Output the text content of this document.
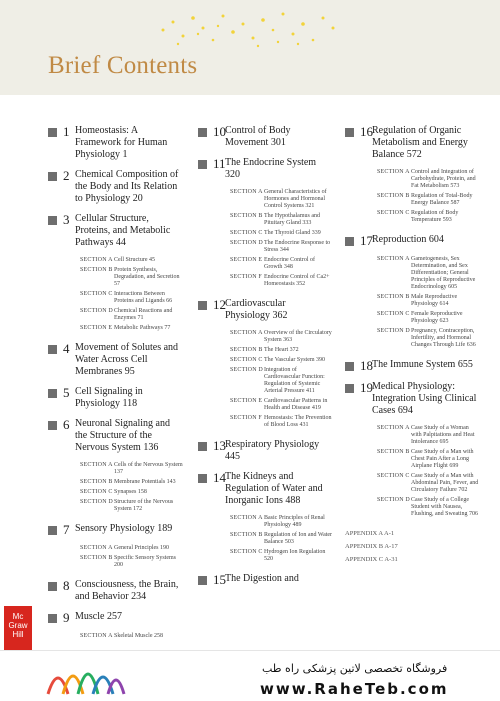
Brief Contents
1 Homeostasis: A Framework for Human Physiology 1
2 Chemical Composition of the Body and Its Relation to Physiology 20
3 Cellular Structure, Proteins, and Metabolic Pathways 44
SECTION A Cell Structure 45
SECTION B Protein Synthesis, Degradation, and Secretion 57
SECTION C Interactions Between Proteins and Ligands 66
SECTION D Chemical Reactions and Enzymes 71
SECTION E Metabolic Pathways 77
4 Movement of Solutes and Water Across Cell Membranes 95
5 Cell Signaling in Physiology 118
6 Neuronal Signaling and the Structure of the Nervous System 136
SECTION A Cells of the Nervous System 137
SECTION B Membrane Potentials 143
SECTION C Synapses 158
SECTION D Structure of the Nervous System 172
7 Sensory Physiology 189
SECTION A General Principles 190
SECTION B Specific Sensory Systems 200
8 Consciousness, the Brain, and Behavior 234
9 Muscle 257
SECTION A Skeletal Muscle 258
10 Control of Body Movement 301
11 The Endocrine System 320
SECTION A General Characteristics of Hormones and Hormonal Control Systems 321
SECTION B The Hypothalamus and Pituitary Gland 333
SECTION C The Thyroid Gland 339
SECTION D The Endocrine Response to Stress 344
SECTION E Endocrine Control of Growth 348
SECTION F Endocrine Control of Ca2+ Homeostasis 352
12 Cardiovascular Physiology 362
SECTION A Overview of the Circulatory System 363
SECTION B The Heart 372
SECTION C The Vascular System 390
SECTION D Integration of Cardiovascular Function: Regulation of Systemic Arterial Pressure 411
SECTION E Cardiovascular Patterns in Health and Disease 419
SECTION F Hemostasis: The Prevention of Blood Loss 431
13 Respiratory Physiology 445
14 The Kidneys and Regulation of Water and Inorganic Ions 488
SECTION A Basic Principles of Renal Physiology 489
SECTION B Regulation of Ion and Water Balance 503
SECTION C Hydrogen Ion Regulation 520
15 The Digestion and
16 Regulation of Organic Metabolism and Energy Balance 572
SECTION A Control and Integration of Carbohydrate, Protein, and Fat Metabolism 573
SECTION B Regulation of Total-Body Energy Balance 587
SECTION C Regulation of Body Temperature 593
17 Reproduction 604
SECTION A Gametogenesis, Sex Determination, and Sex Differentiation; General Principles of Reproductive Endocrinology 605
SECTION B Male Reproductive Physiology 614
SECTION C Female Reproductive Physiology 623
SECTION D Pregnancy, Contraception, Infertility, and Hormonal Changes Through Life 636
18 The Immune System 655
19 Medical Physiology: Integration Using Clinical Cases 694
SECTION A Case Study of a Woman with Palpitations and Heat Intolerance 695
SECTION B Case Study of a Man with Chest Pain After a Long Airplane Flight 699
SECTION C Case Study of a Man with Abdominal Pain, Fever, and Circulatory Failure 702
SECTION D Case Study of a College Student with Nausea, Flushing, and Sweating 706
APPENDIX A A-1
APPENDIX B A-17
APPENDIX C A-31
Mc
Graw
Hill
فروشگاه تخصصی لاتین پزشکی راه طب
www.RaheTeb.com
